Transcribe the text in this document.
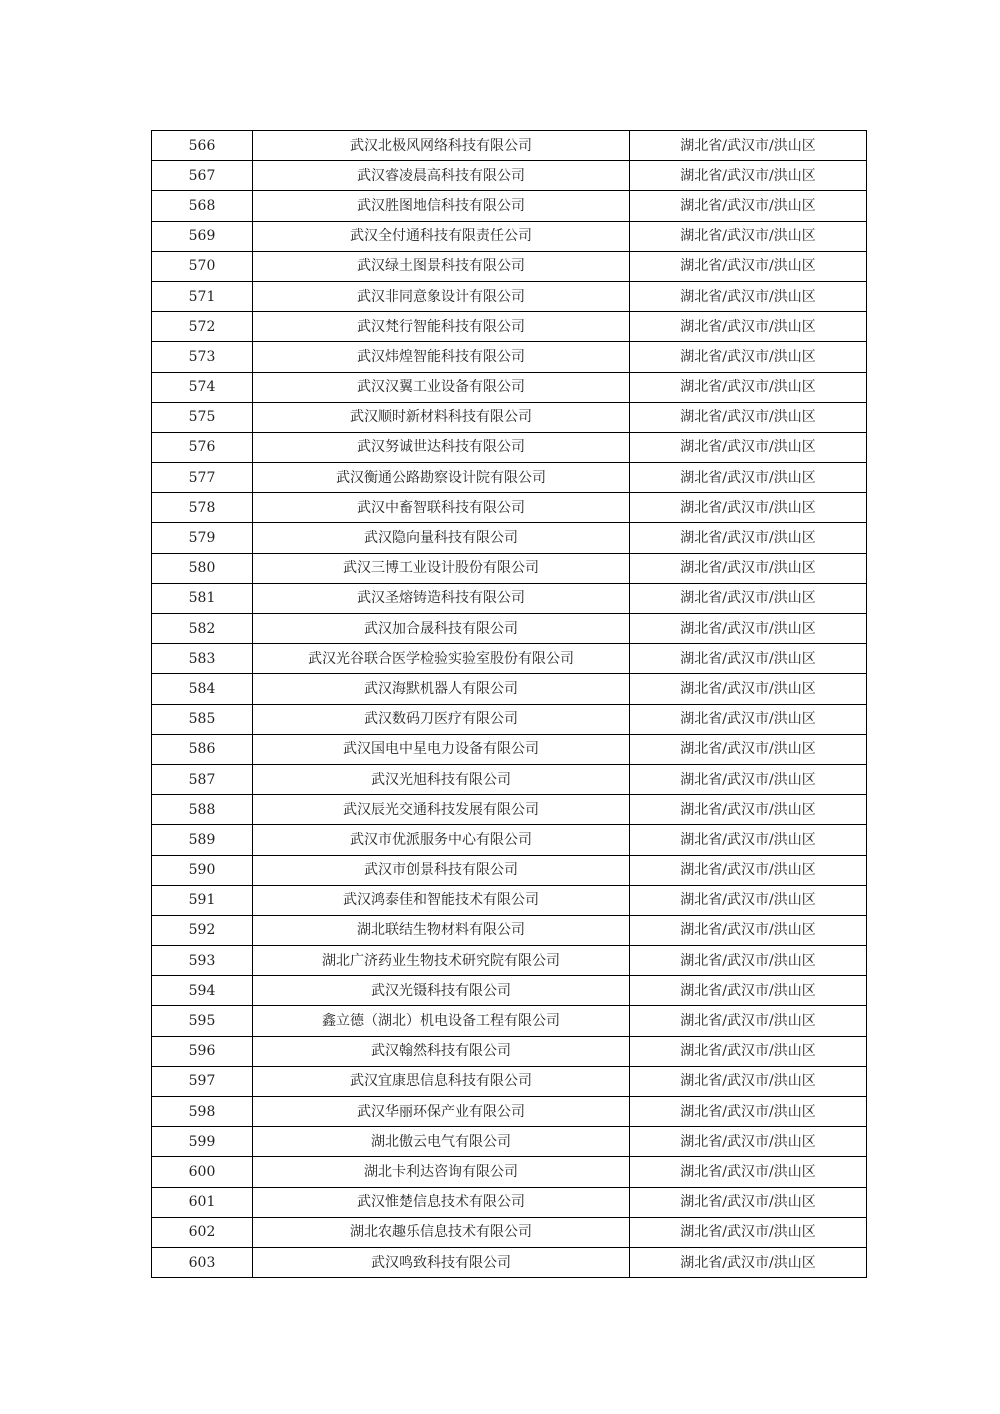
566	武汉北极风网络科技有限公司	湖北省/武汉市/洪山区
567	武汉睿凌晨高科技有限公司	湖北省/武汉市/洪山区
568	武汉胜图地信科技有限公司	湖北省/武汉市/洪山区
569	武汉全付通科技有限责任公司	湖北省/武汉市/洪山区
570	武汉绿土图景科技有限公司	湖北省/武汉市/洪山区
571	武汉非同意象设计有限公司	湖北省/武汉市/洪山区
572	武汉梵行智能科技有限公司	湖北省/武汉市/洪山区
573	武汉炜煌智能科技有限公司	湖北省/武汉市/洪山区
574	武汉汉翼工业设备有限公司	湖北省/武汉市/洪山区
575	武汉顺时新材料科技有限公司	湖北省/武汉市/洪山区
576	武汉努诚世达科技有限公司	湖北省/武汉市/洪山区
577	武汉衡通公路勘察设计院有限公司	湖北省/武汉市/洪山区
578	武汉中畜智联科技有限公司	湖北省/武汉市/洪山区
579	武汉隐向量科技有限公司	湖北省/武汉市/洪山区
580	武汉三博工业设计股份有限公司	湖北省/武汉市/洪山区
581	武汉圣熔铸造科技有限公司	湖北省/武汉市/洪山区
582	武汉加合晟科技有限公司	湖北省/武汉市/洪山区
583	武汉光谷联合医学检验实验室股份有限公司	湖北省/武汉市/洪山区
584	武汉海默机器人有限公司	湖北省/武汉市/洪山区
585	武汉数码刀医疗有限公司	湖北省/武汉市/洪山区
586	武汉国电中星电力设备有限公司	湖北省/武汉市/洪山区
587	武汉光旭科技有限公司	湖北省/武汉市/洪山区
588	武汉辰光交通科技发展有限公司	湖北省/武汉市/洪山区
589	武汉市优派服务中心有限公司	湖北省/武汉市/洪山区
590	武汉市创景科技有限公司	湖北省/武汉市/洪山区
591	武汉鸿泰佳和智能技术有限公司	湖北省/武汉市/洪山区
592	湖北联结生物材料有限公司	湖北省/武汉市/洪山区
593	湖北广济药业生物技术研究院有限公司	湖北省/武汉市/洪山区
594	武汉光镊科技有限公司	湖北省/武汉市/洪山区
595	鑫立德（湖北）机电设备工程有限公司	湖北省/武汉市/洪山区
596	武汉翰然科技有限公司	湖北省/武汉市/洪山区
597	武汉宜康思信息科技有限公司	湖北省/武汉市/洪山区
598	武汉华丽环保产业有限公司	湖北省/武汉市/洪山区
599	湖北傲云电气有限公司	湖北省/武汉市/洪山区
600	湖北卡利达咨询有限公司	湖北省/武汉市/洪山区
601	武汉惟楚信息技术有限公司	湖北省/武汉市/洪山区
602	湖北农趣乐信息技术有限公司	湖北省/武汉市/洪山区
603	武汉鸣致科技有限公司	湖北省/武汉市/洪山区
